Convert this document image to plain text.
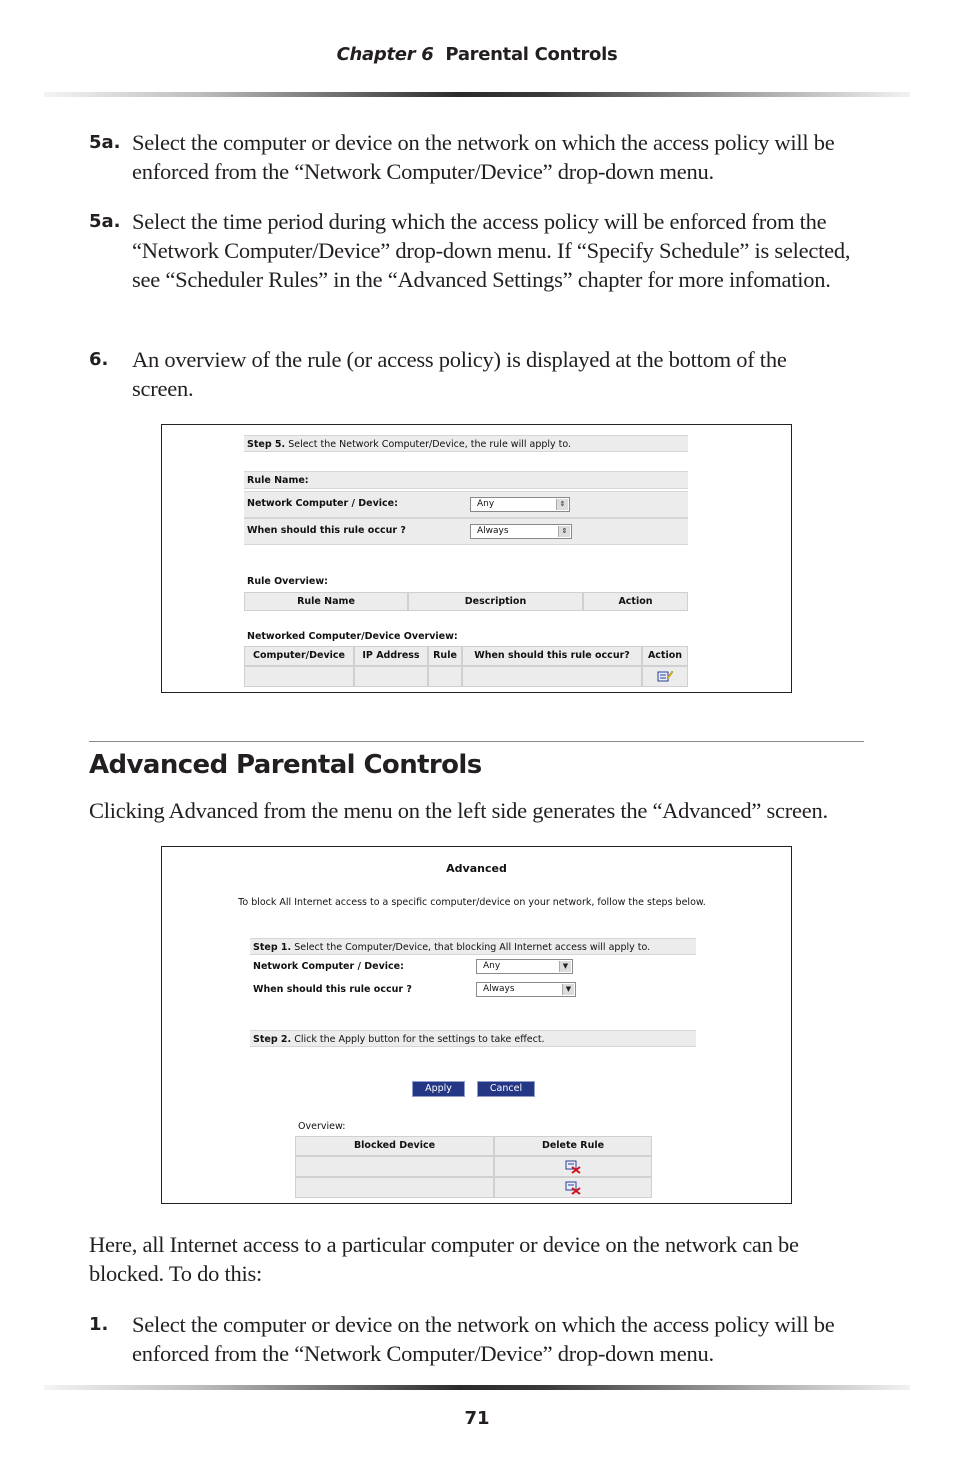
Chapter 6 Parental Controls
5a. Select the computer or device on the network on which the access policy will be enforced from the “Network Computer/Device” drop-down menu.
5a. Select the time period during which the access policy will be enforced from the “Network Computer/Device” drop-down menu. If “Specify Schedule” is selected, see “Scheduler Rules” in the “Advanced Settings” chapter for more infomation.
6. An overview of the rule (or access policy) is displayed at the bottom of the screen.
Step 5. Select the Network Computer/Device, the rule will apply to.
Rule Name:
Network Computer / Device:	Any	⇕
When should this rule occur ?	Always	⇕
Rule Overview:
Rule Name	Description	Action
Networked Computer/Device Overview:
Computer/Device	IP Address	Rule	When should this rule occur?	Action
Advanced Parental Controls
Clicking Advanced from the menu on the left side generates the “Advanced” screen.
Advanced
To block All Internet access to a specific computer/device on your network, follow the steps below.
Step 1. Select the Computer/Device, that blocking All Internet access will apply to.
Network Computer / Device:	Any	▼
When should this rule occur ?	Always	▼
Step 2. Click the Apply button for the settings to take effect.
Apply	Cancel
Overview:
Blocked Device	Delete Rule
Here, all Internet access to a particular computer or device on the network can be blocked. To do this:
1. Select the computer or device on the network on which the access policy will be enforced from the “Network Computer/Device” drop-down menu.
71
